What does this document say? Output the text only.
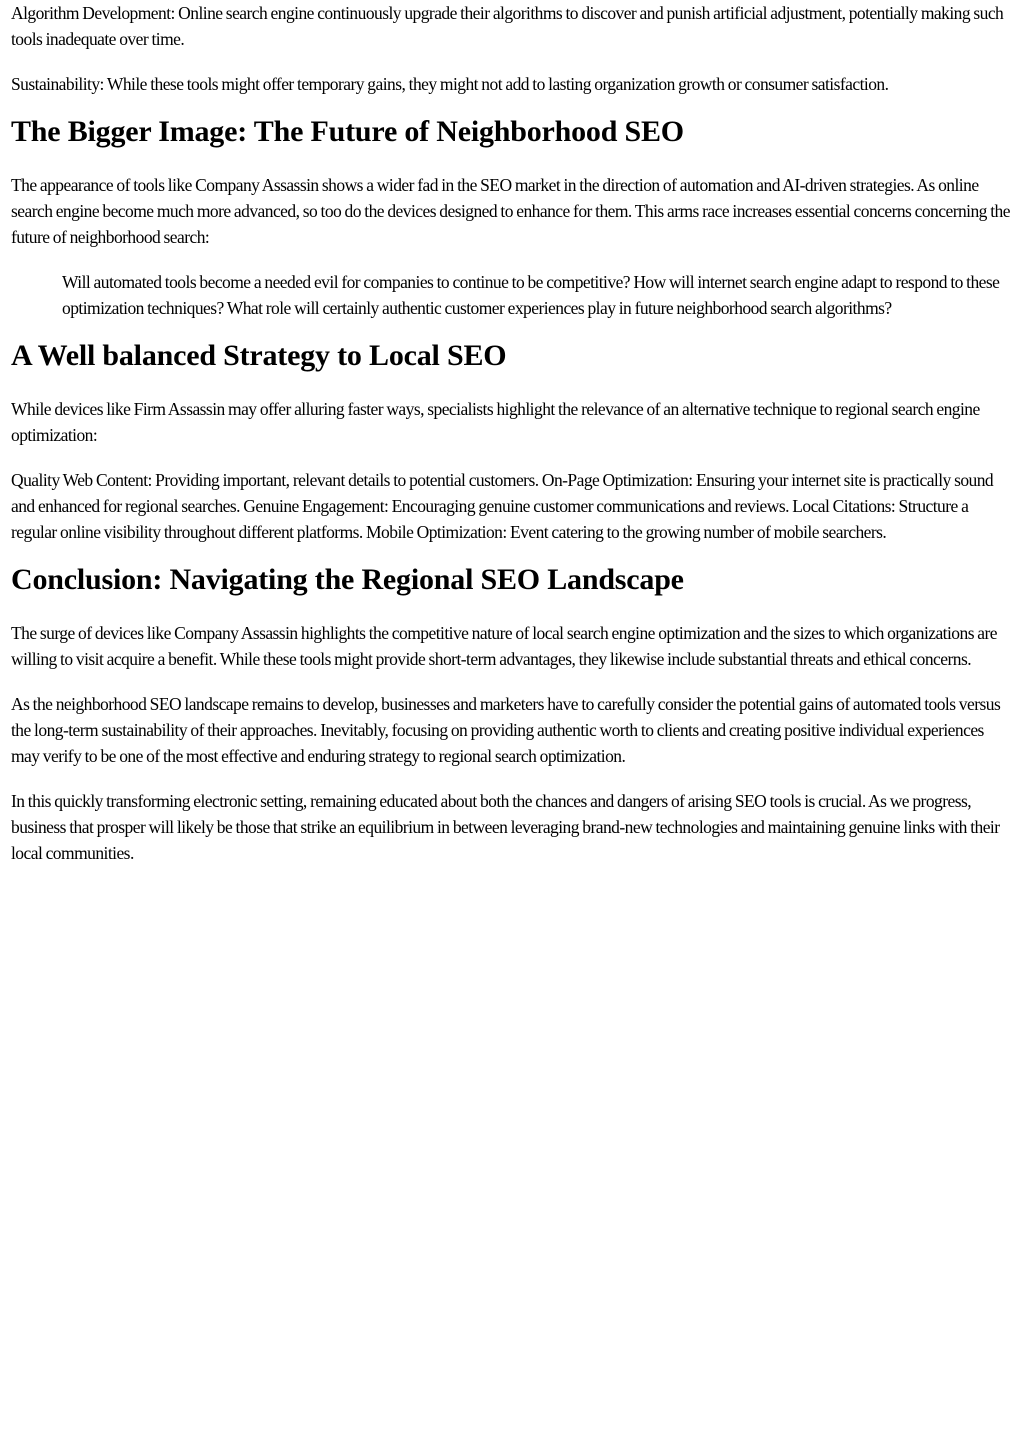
Algorithm Development: Online search engine continuously upgrade their algorithms to discover and punish artificial adjustment, potentially making such tools inadequate over time.

Sustainability: While these tools might offer temporary gains, they might not add to lasting organization growth or consumer satisfaction.

The Bigger Image: The Future of Neighborhood SEO

The appearance of tools like Company Assassin shows a wider fad in the SEO market in the direction of automation and AI-driven strategies. As online search engine become much more advanced, so too do the devices designed to enhance for them. This arms race increases essential concerns concerning the future of neighborhood search:

Will automated tools become a needed evil for companies to continue to be competitive? How will internet search engine adapt to respond to these optimization techniques? What role will certainly authentic customer experiences play in future neighborhood search algorithms?

A Well balanced Strategy to Local SEO

While devices like Firm Assassin may offer alluring faster ways, specialists highlight the relevance of an alternative technique to regional search engine optimization:

Quality Web Content: Providing important, relevant details to potential customers. On-Page Optimization: Ensuring your internet site is practically sound and enhanced for regional searches. Genuine Engagement: Encouraging genuine customer communications and reviews. Local Citations: Structure a regular online visibility throughout different platforms. Mobile Optimization: Event catering to the growing number of mobile searchers.

Conclusion: Navigating the Regional SEO Landscape

The surge of devices like Company Assassin highlights the competitive nature of local search engine optimization and the sizes to which organizations are willing to visit acquire a benefit. While these tools might provide short-term advantages, they likewise include substantial threats and ethical concerns.

As the neighborhood SEO landscape remains to develop, businesses and marketers have to carefully consider the potential gains of automated tools versus the long-term sustainability of their approaches. Inevitably, focusing on providing authentic worth to clients and creating positive individual experiences may verify to be one of the most effective and enduring strategy to regional search optimization.

In this quickly transforming electronic setting, remaining educated about both the chances and dangers of arising SEO tools is crucial. As we progress, business that prosper will likely be those that strike an equilibrium in between leveraging brand-new technologies and maintaining genuine links with their local communities.
